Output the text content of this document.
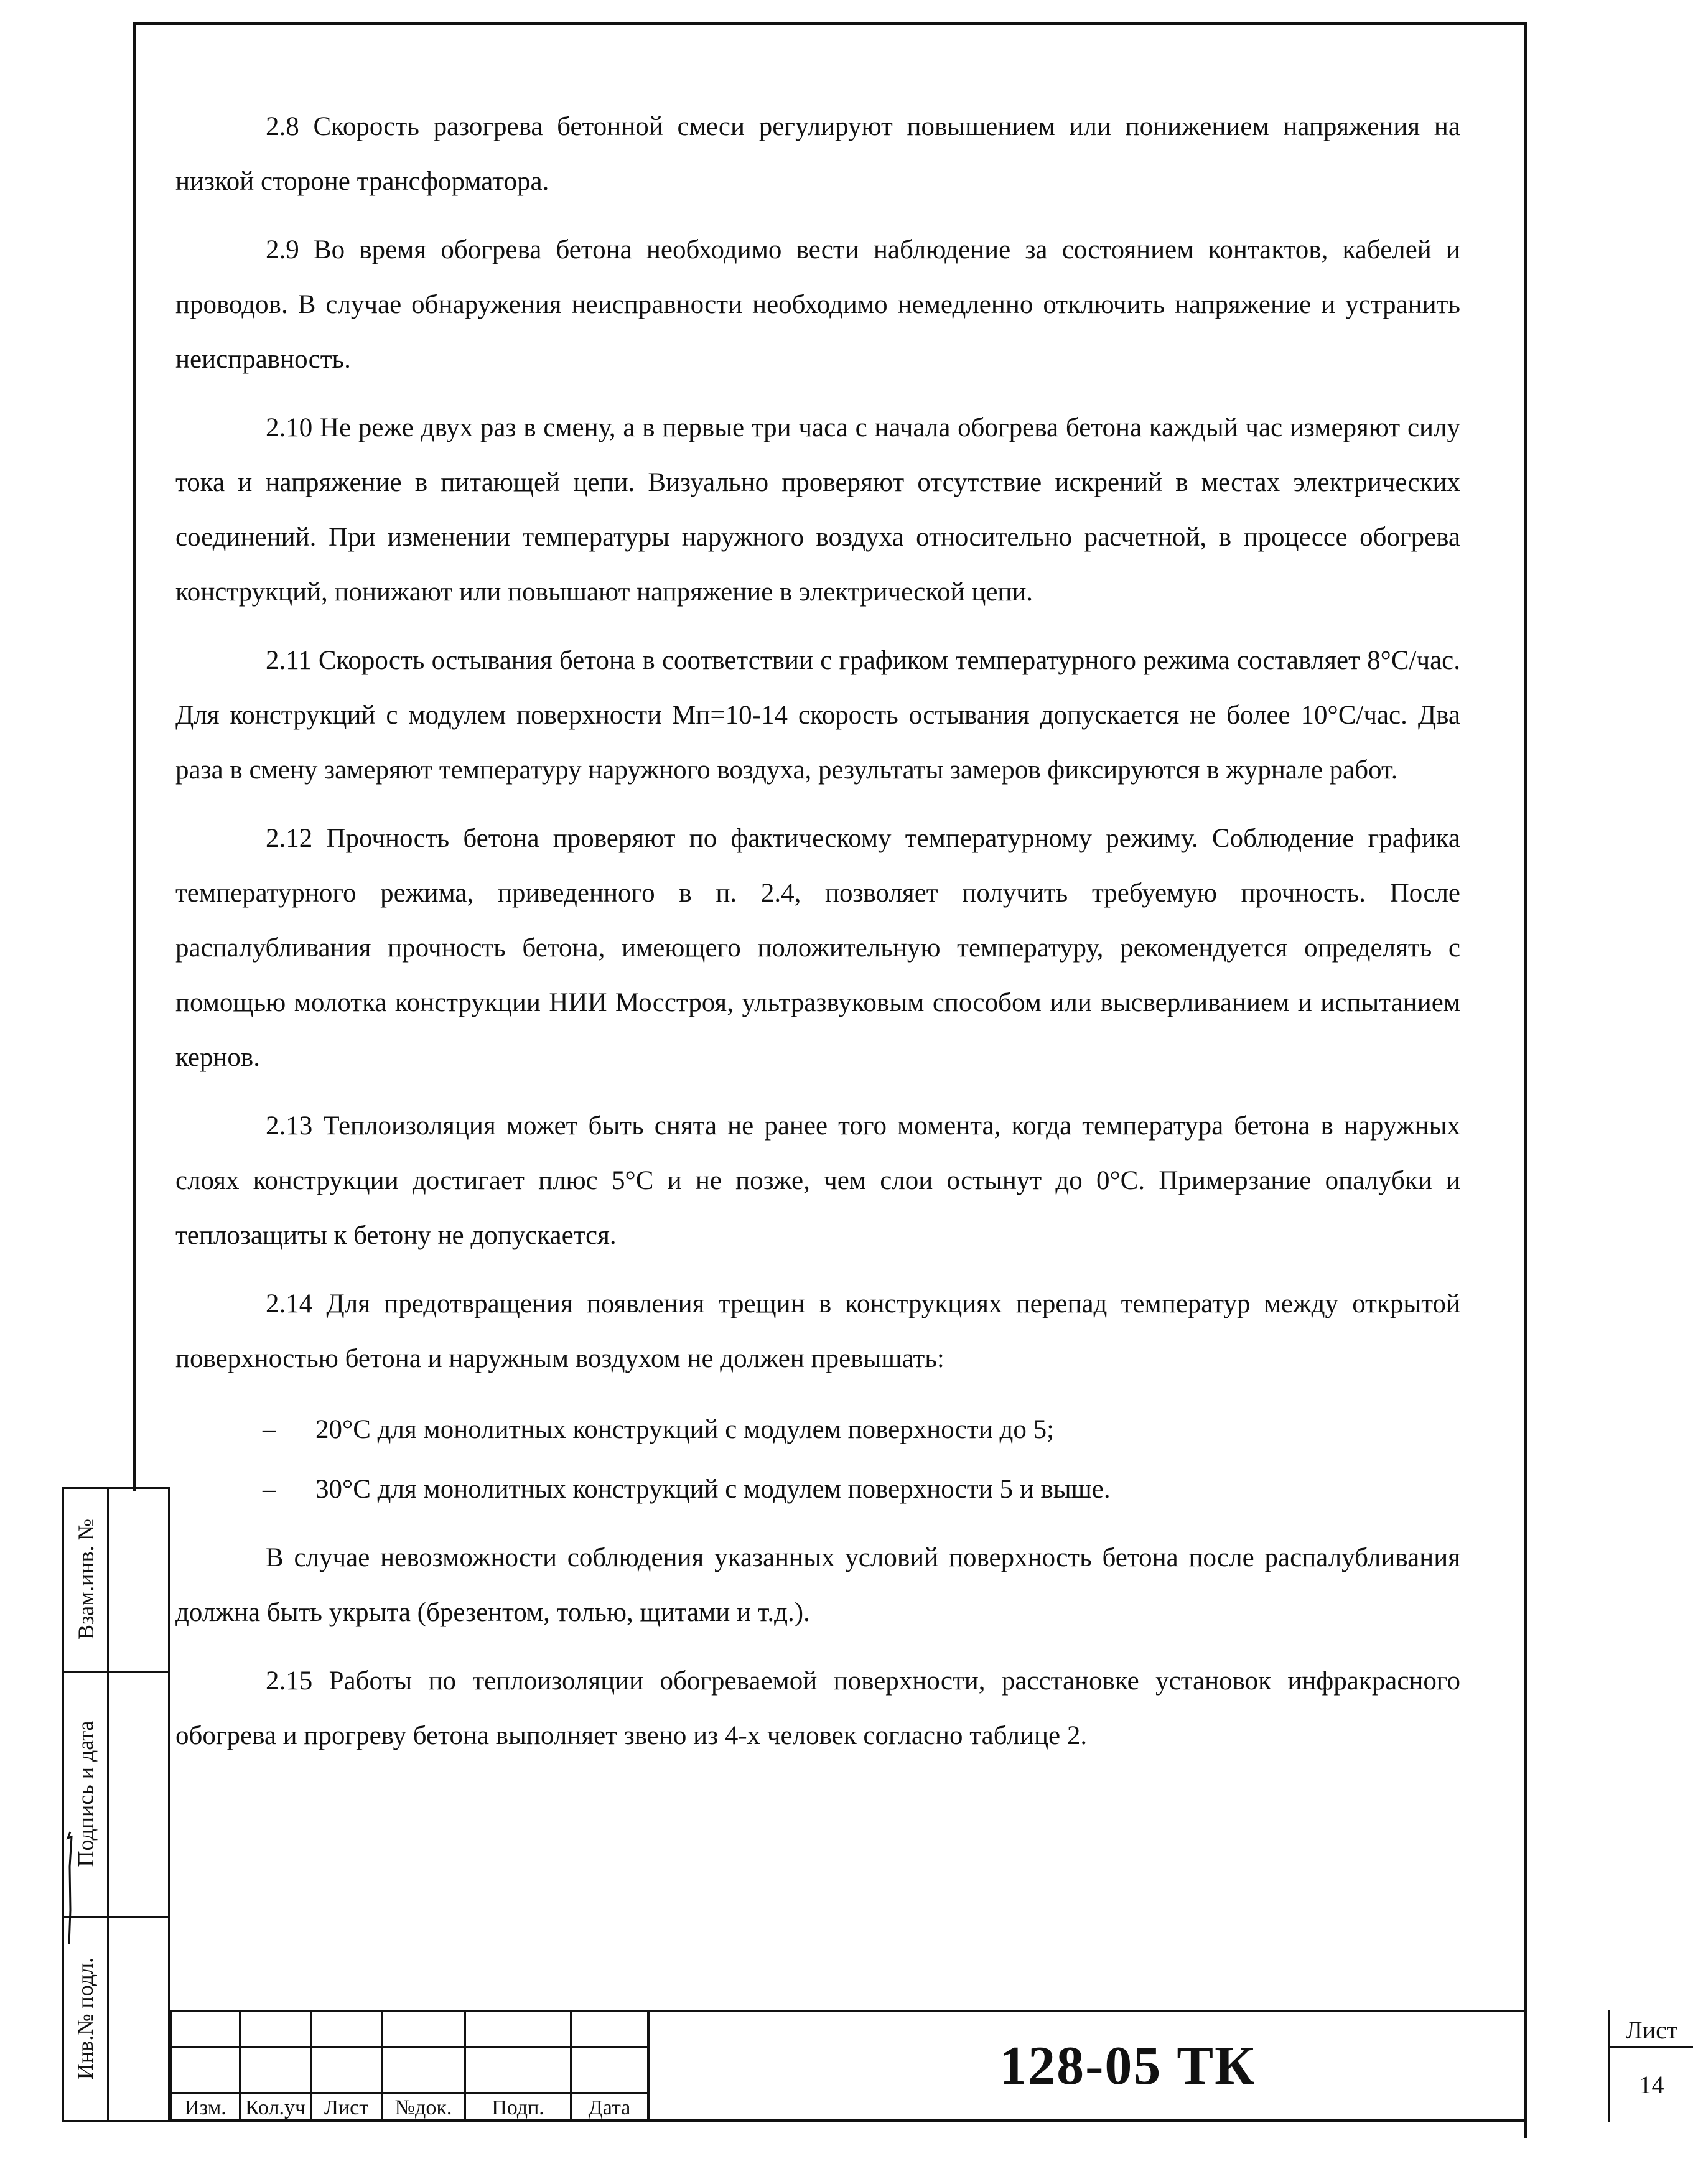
2.8 Скорость разогрева бетонной смеси регулируют повышением или понижением напряжения на низкой стороне трансформатора.

2.9 Во время обогрева бетона необходимо вести наблюдение за состоянием контактов, кабелей и проводов. В случае обнаружения неисправности необходимо немедленно отключить напряжение и устранить неисправность.

2.10 Не реже двух раз в смену, а в первые три часа с начала обогрева бетона каждый час измеряют силу тока и напряжение в питающей цепи. Визуально проверяют отсутствие искрений в местах электрических соединений. При изменении температуры наружного воздуха относительно расчетной, в процессе обогрева конструкций, понижают или повышают напряжение в электрической цепи.

2.11 Скорость остывания бетона в соответствии с графиком температурного режима составляет 8°С/час. Для конструкций с модулем поверхности Мп=10-14 скорость остывания допускается не более 10°С/час. Два раза в смену замеряют температуру наружного воздуха, результаты замеров фиксируются в журнале работ.

2.12 Прочность бетона проверяют по фактическому температурному режиму. Соблюдение графика температурного режима, приведенного в п. 2.4, позволяет получить требуемую прочность. После распалубливания прочность бетона, имеющего положительную температуру, рекомендуется определять с помощью молотка конструкции НИИ Мосстроя, ультразвуковым способом или высверливанием и испытанием кернов.

2.13 Теплоизоляция может быть снята не ранее того момента, когда температура бетона в наружных слоях конструкции достигает плюс 5°С и не позже, чем слои остынут до 0°С. Примерзание опалубки и теплозащиты к бетону не допускается.

2.14 Для предотвращения появления трещин в конструкциях перепад температур между открытой поверхностью бетона и наружным воздухом не должен превышать:

– 20°С для монолитных конструкций с модулем поверхности до 5;

– 30°С для монолитных конструкций с модулем поверхности 5 и выше.

В случае невозможности соблюдения указанных условий поверхность бетона после распалубливания должна быть укрыта (брезентом, толью, щитами и т.д.).

2.15 Работы по теплоизоляции обогреваемой поверхности, расстановке установок инфракрасного обогрева и прогреву бетона выполняет звено из 4-х человек согласно таблице 2.

Взам.инв. №
Подпись и дата
Инв.№ подл.
Изм. Кол.уч Лист	№док.	Подп.	Дата
128-05 ТК
Лист
14
